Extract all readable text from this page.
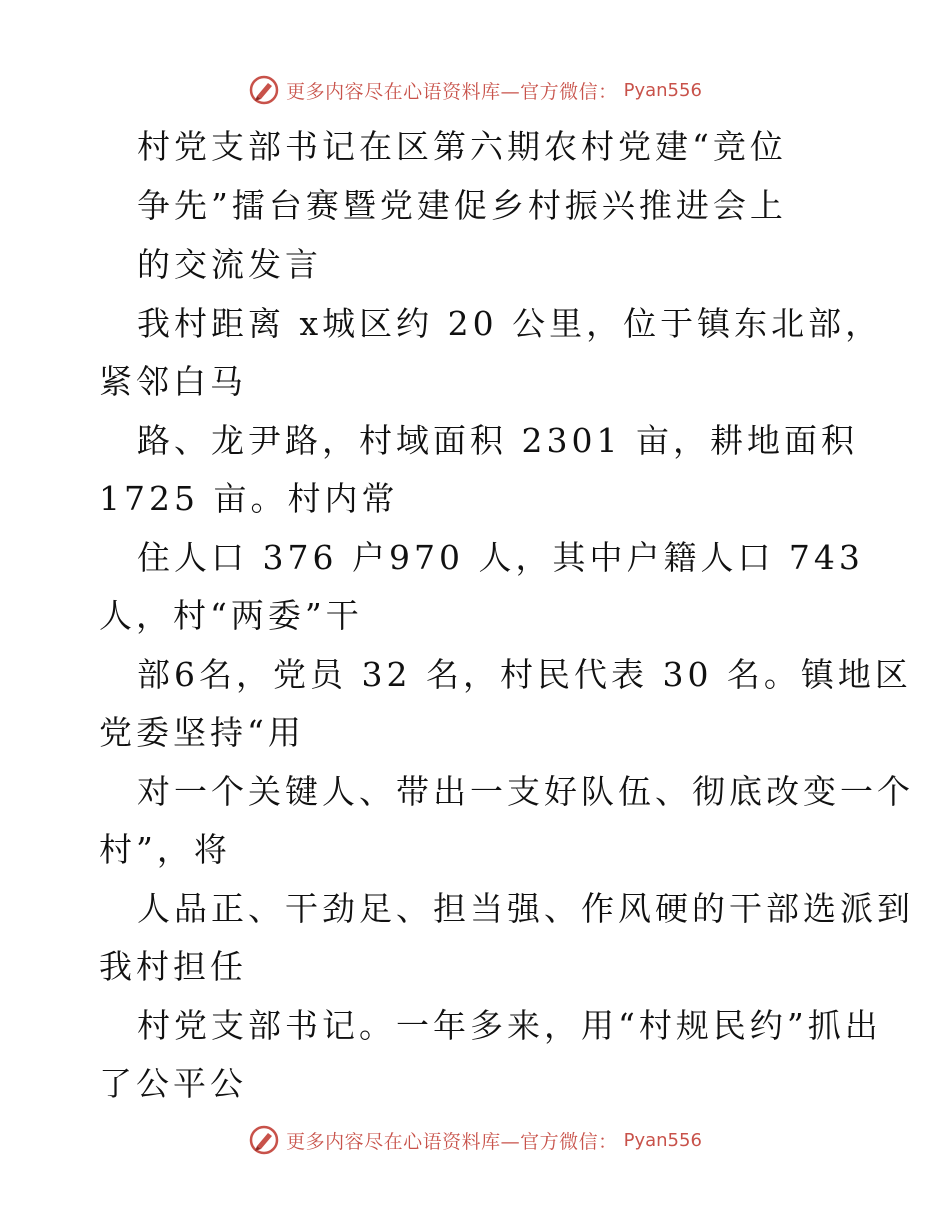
更多内容尽在心语资料库—官方微信： Pyan556
村党支部书记在区第六期农村党建“竞位
争先”擂台赛暨党建促乡村振兴推进会上
的交流发言
我村距离 x城区约 20 公里，位于镇东北部，
紧邻白马
路、龙尹路，村域面积 2301 亩，耕地面积
1725 亩。村内常
住人口 376 户970 人，其中户籍人口 743
人，村“两委”干
部6名，党员 32 名，村民代表 30 名。镇地区
党委坚持“用
对一个关键人、带出一支好队伍、彻底改变一个
村”，将
人品正、干劲足、担当强、作风硬的干部选派到
我村担任
村党支部书记。一年多来，用“村规民约”抓出
了公平公
更多内容尽在心语资料库—官方微信： Pyan556
